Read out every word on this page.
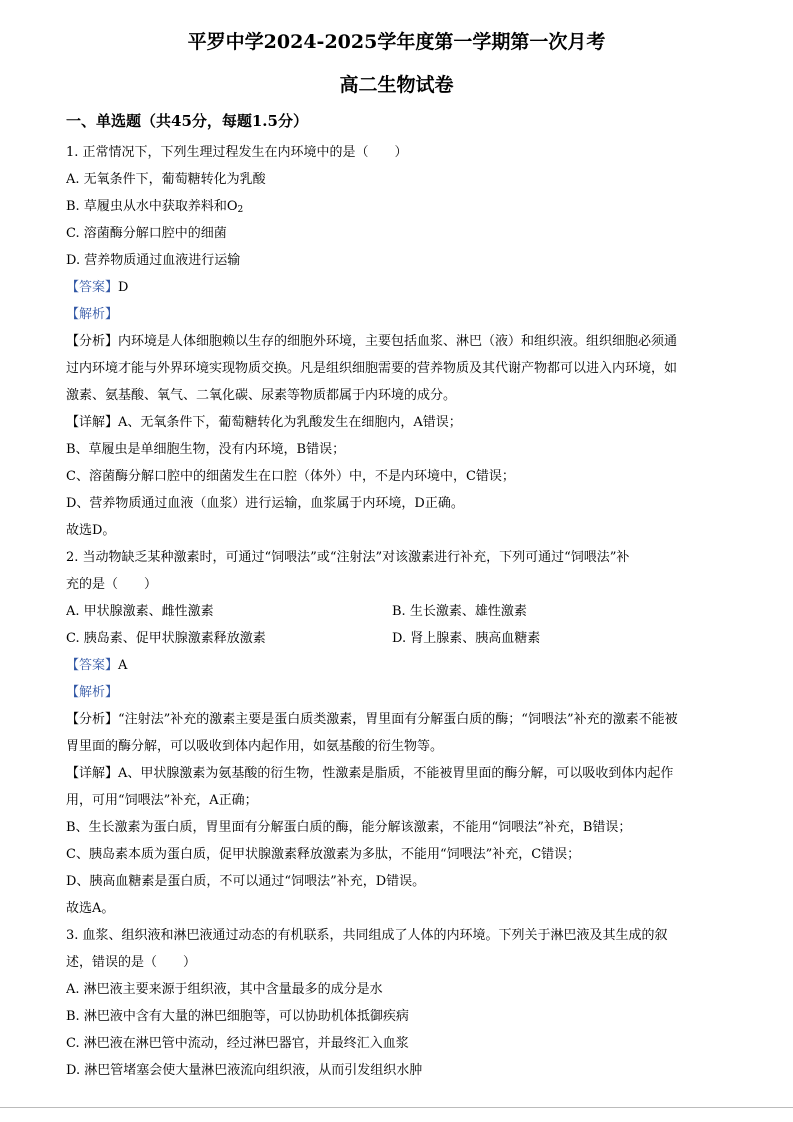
平罗中学2024-2025学年度第一学期第一次月考
高二生物试卷
一、单选题（共45分，每题1.5分）
1. 正常情况下，下列生理过程发生在内环境中的是（　　）
A. 无氧条件下，葡萄糖转化为乳酸
B. 草履虫从水中获取养料和$O_2$
C. 溶菌酶分解口腔中的细菌
D. 营养物质通过血液进行运输
【答案】D
【解析】
【分析】内环境是人体细胞赖以生存的细胞外环境，主要包括血浆、淋巴（液）和组织液。组织细胞必须通
过内环境才能与外界环境实现物质交换。凡是组织细胞需要的营养物质及其代谢产物都可以进入内环境，如
激素、氨基酸、氧气、二氧化碳、尿素等物质都属于内环境的成分。
【详解】A、无氧条件下，葡萄糖转化为乳酸发生在细胞内，A错误；
B、草履虫是单细胞生物，没有内环境，B错误；
C、溶菌酶分解口腔中的细菌发生在口腔（体外）中，不是内环境中，C错误；
D、营养物质通过血液（血浆）进行运输，血浆属于内环境，D正确。
故选D。
2. 当动物缺乏某种激素时，可通过“饲喂法”或“注射法”对该激素进行补充，下列可通过“饲喂法”补
充的是（　　）
A. 甲状腺激素、雌性激素	B. 生长激素、雄性激素
C. 胰岛素、促甲状腺激素释放激素	D. 肾上腺素、胰高血糖素
【答案】A
【解析】
【分析】“注射法”补充的激素主要是蛋白质类激素，胃里面有分解蛋白质的酶；“饲喂法”补充的激素不能被
胃里面的酶分解，可以吸收到体内起作用，如氨基酸的衍生物等。
【详解】A、甲状腺激素为氨基酸的衍生物，性激素是脂质，不能被胃里面的酶分解，可以吸收到体内起作
用，可用“饲喂法”补充，A正确；
B、生长激素为蛋白质，胃里面有分解蛋白质的酶，能分解该激素，不能用“饲喂法”补充，B错误；
C、胰岛素本质为蛋白质，促甲状腺激素释放激素为多肽，不能用“饲喂法”补充，C错误；
D、胰高血糖素是蛋白质，不可以通过“饲喂法”补充，D错误。
故选A。
3. 血浆、组织液和淋巴液通过动态的有机联系，共同组成了人体的内环境。下列关于淋巴液及其生成的叙
述，错误的是（　　）
A. 淋巴液主要来源于组织液，其中含量最多的成分是水
B. 淋巴液中含有大量的淋巴细胞等，可以协助机体抵御疾病
C. 淋巴液在淋巴管中流动，经过淋巴器官，并最终汇入血浆
D. 淋巴管堵塞会使大量淋巴液流向组织液，从而引发组织水肿
